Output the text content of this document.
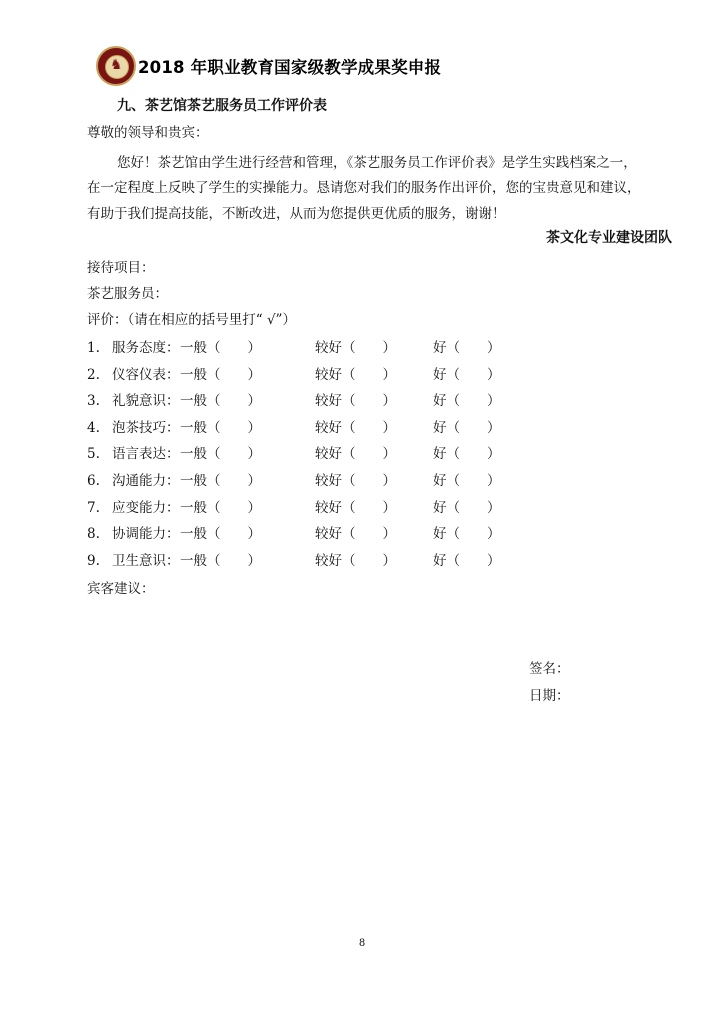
♞
2018 年职业教育国家级教学成果奖申报
九、茶艺馆茶艺服务员工作评价表
尊敬的领导和贵宾：
您好！茶艺馆由学生进行经营和管理，《茶艺服务员工作评价表》是学生实践档案之一，
在一定程度上反映了学生的实操能力。恳请您对我们的服务作出评价，您的宝贵意见和建议，
有助于我们提高技能，不断改进，从而为您提供更优质的服务，谢谢！
茶文化专业建设团队
接待项目：
茶艺服务员：
评价：（请在相应的括号里打“ √”）
1. 服务态度： 一般（　　）	较好（　　）	好（　　）
2. 仪容仪表： 一般（　　）	较好（　　）	好（　　）
3. 礼貌意识： 一般（　　）	较好（　　）	好（　　）
4. 泡茶技巧： 一般（　　）	较好（　　）	好（　　）
5. 语言表达： 一般（　　）	较好（　　）	好（　　）
6. 沟通能力： 一般（　　）	较好（　　）	好（　　）
7. 应变能力： 一般（　　）	较好（　　）	好（　　）
8. 协调能力： 一般（　　）	较好（　　）	好（　　）
9. 卫生意识： 一般（　　）	较好（　　）	好（　　）
宾客建议：
签名：
日期：
8
